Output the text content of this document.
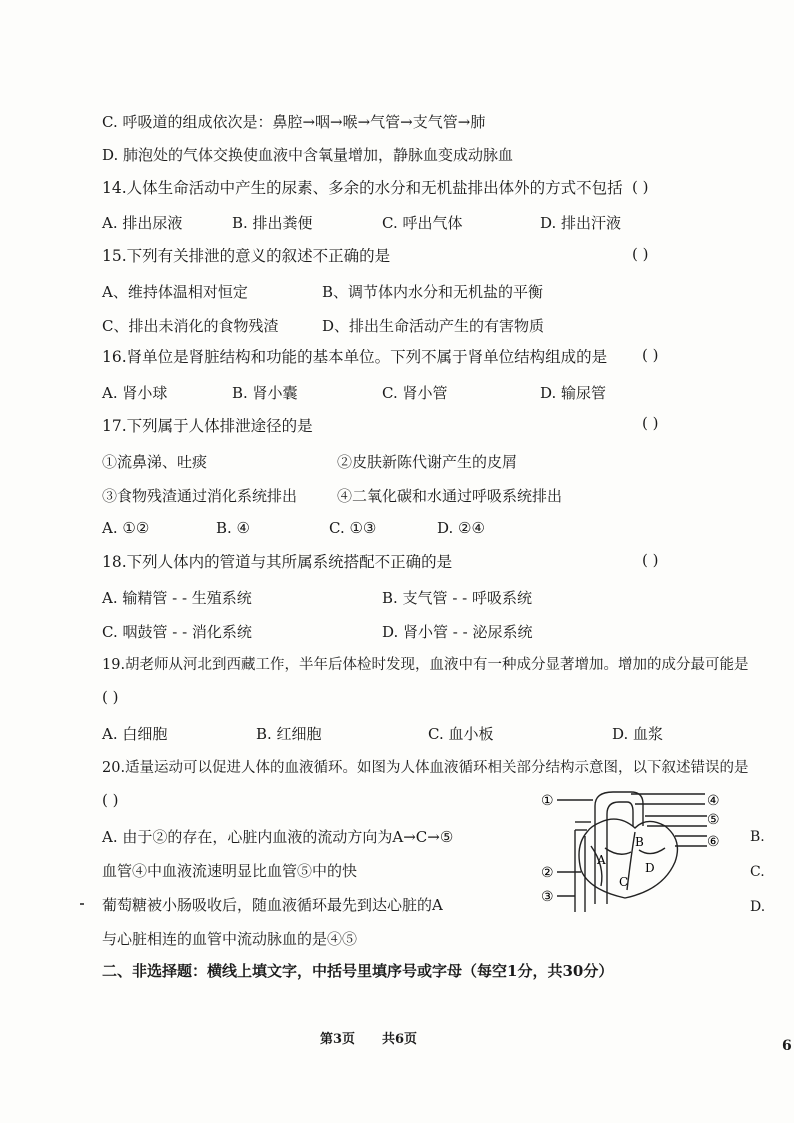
C. 呼吸道的组成依次是：鼻腔→咽→喉→气管→支气管→肺
D. 肺泡处的气体交换使血液中含氧量增加，静脉血变成动脉血
14.人体生命活动中产生的尿素、多余的水分和无机盐排出体外的方式不包括 ( )
A. 排出尿液	B. 排出粪便	C. 呼出气体	D. 排出汗液
15.下列有关排泄的意义的叙述不正确的是	( )
A、维持体温相对恒定	B、调节体内水分和无机盐的平衡
C、排出未消化的食物残渣	D、排出生命活动产生的有害物质
16.肾单位是肾脏结构和功能的基本单位。下列不属于肾单位结构组成的是 ( )
A. 肾小球	B. 肾小囊	C. 肾小管	D. 输尿管
17.下列属于人体排泄途径的是	( )
①流鼻涕、吐痰	②皮肤新陈代谢产生的皮屑
③食物残渣通过消化系统排出	④二氧化碳和水通过呼吸系统排出
A. ①②	B. ④	C. ①③	D. ②④
18.下列人体内的管道与其所属系统搭配不正确的是	( )
A. 输精管 - - 生殖系统	B. 支气管 - - 呼吸系统
C. 咽鼓管 - - 消化系统	D. 肾小管 - - 泌尿系统
19.胡老师从河北到西藏工作，半年后体检时发现，血液中有一种成分显著增加。增加的成分最可能是
( )
A. 白细胞	B. 红细胞	C. 血小板	D. 血浆
20.适量运动可以促进人体的血液循环。如图为人体血液循环相关部分结构示意图，以下叙述错误的是
( )
A. 由于②的存在，心脏内血液的流动方向为A→C→⑤
血管④中血液流速明显比血管⑤中的快
葡萄糖被小肠吸收后，随血液循环最先到达心脏的A
与心脏相连的血管中流动脉血的是④⑤
B.
C.
D.
①
②
③
④
⑤
⑥
A
B
C
D
二、非选择题：横线上填文字，中括号里填序号或字母（每空1分，共30分）
第3页 共6页	6
